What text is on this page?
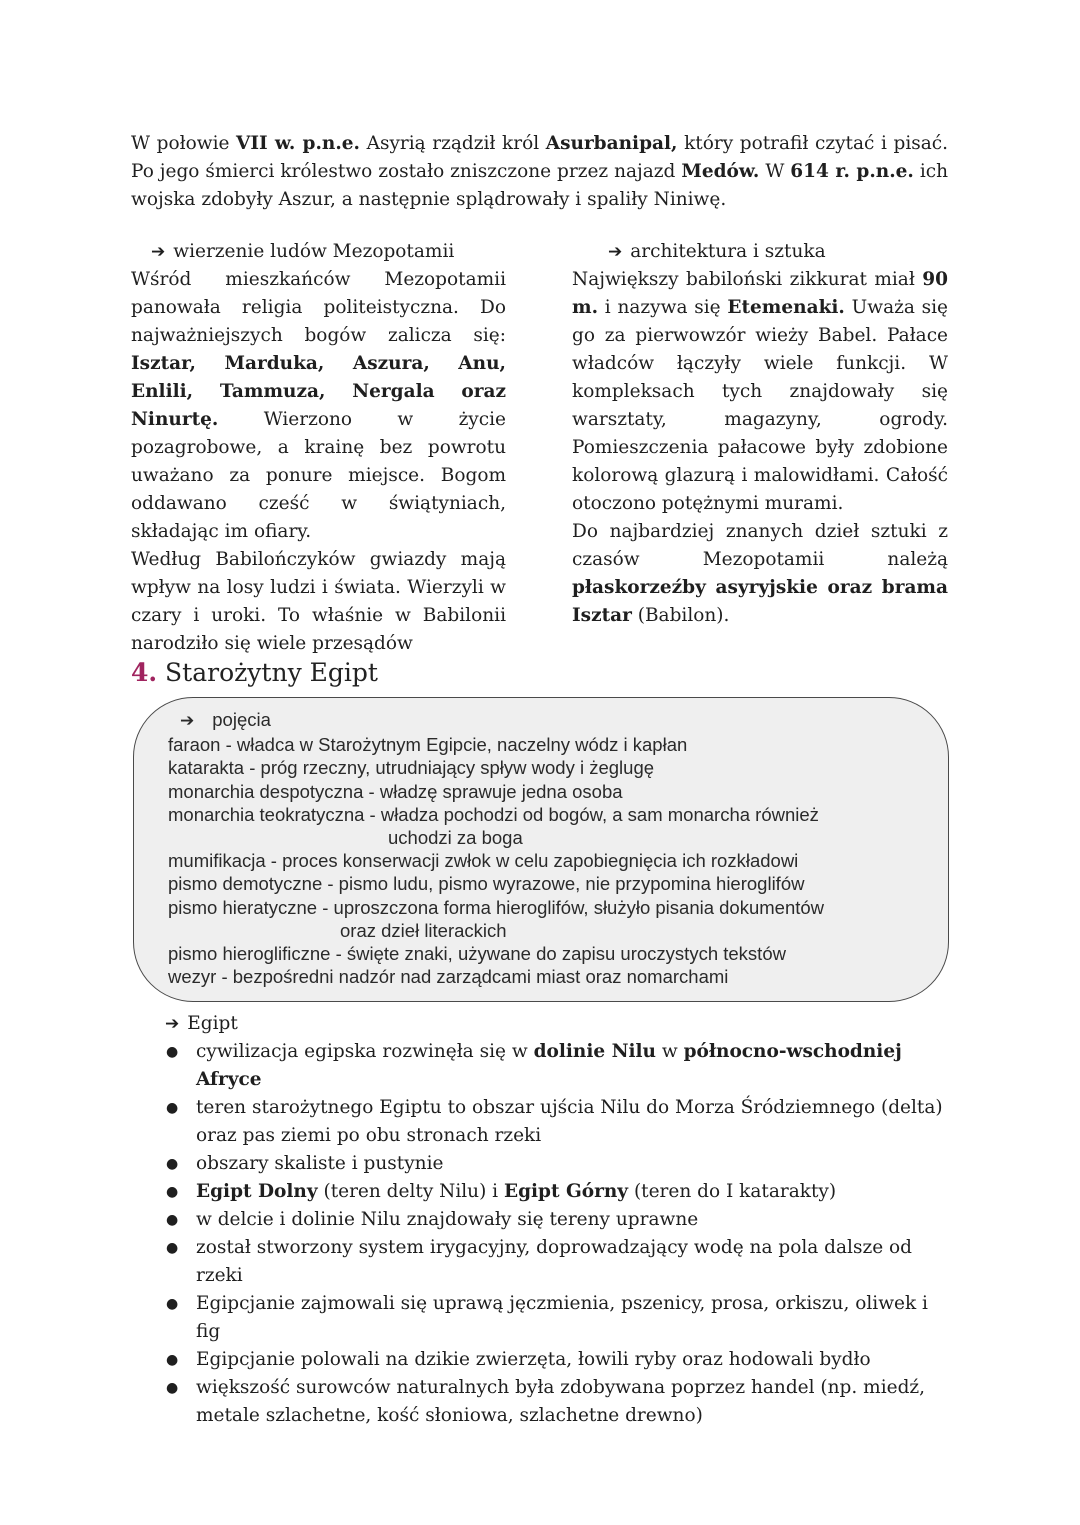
W połowie VII w. p.n.e. Asyrią rządził król Asurbanipal, który potrafił czytać i pisać. Po jego śmierci królestwo zostało zniszczone przez najazd Medów. W 614 r. p.n.e. ich wojska zdobyły Aszur, a następnie splądrowały i spaliły Niniwę.

➔ wierzenie ludów Mezopotamii

Wśród mieszkańców Mezopotamii panowała religia politeistyczna. Do najważniejszych bogów zalicza się: Isztar, Marduka, Aszura, Anu, Enlili, Tammuza, Nergala oraz Ninurtę. Wierzono w życie pozagrobowe, a krainę bez powrotu uważano za ponure miejsce. Bogom oddawano cześć w świątyniach, składając im ofiary.

Według Babilończyków gwiazdy mają wpływ na losy ludzi i świata. Wierzyli w czary i uroki. To właśnie w Babilonii narodziło się wiele przesądów

➔ architektura i sztuka

Największy babiloński zikkurat miał 90 m. i nazywa się Etemenaki. Uważa się go za pierwowzór wieży Babel. Pałace władców łączyły wiele funkcji. W kompleksach tych znajdowały się warsztaty, magazyny, ogrody. Pomieszczenia pałacowe były zdobione kolorową glazurą i malowidłami. Całość otoczono potężnymi murami.

Do najbardziej znanych dzieł sztuki z czasów Mezopotamii należą płaskorzeźby asyryjskie oraz brama Isztar (Babilon).

4. Starożytny Egipt
➔ pojęcia
faraon - władca w Starożytnym Egipcie, naczelny wódz i kapłan
katarakta - próg rzeczny, utrudniający spływ wody i żeglugę
monarchia despotyczna - władzę sprawuje jedna osoba
monarchia teokratyczna - władza pochodzi od bogów, a sam monarcha również
uchodzi za boga
mumifikacja - proces konserwacji zwłok w celu zapobiegnięcia ich rozkładowi
pismo demotyczne - pismo ludu, pismo wyrazowe, nie przypomina hieroglifów
pismo hieratyczne - uproszczona forma hieroglifów, służyło pisania dokumentów
oraz dzieł literackich
pismo hieroglificzne - święte znaki, używane do zapisu uroczystych tekstów
wezyr - bezpośredni nadzór nad zarządcami miast oraz nomarchami

➔ Egipt

● cywilizacja egipska rozwinęła się w dolinie Nilu w północno-wschodniej Afryce
● teren starożytnego Egiptu to obszar ujścia Nilu do Morza Śródziemnego (delta) oraz pas ziemi po obu stronach rzeki
● obszary skaliste i pustynie
● Egipt Dolny (teren delty Nilu) i Egipt Górny (teren do I katarakty)
● w delcie i dolinie Nilu znajdowały się tereny uprawne
● został stworzony system irygacyjny, doprowadzający wodę na pola dalsze od rzeki
● Egipcjanie zajmowali się uprawą jęczmienia, pszenicy, prosa, orkiszu, oliwek i fig
● Egipcjanie polowali na dzikie zwierzęta, łowili ryby oraz hodowali bydło
● większość surowców naturalnych była zdobywana poprzez handel (np. miedź, metale szlachetne, kość słoniowa, szlachetne drewno)
